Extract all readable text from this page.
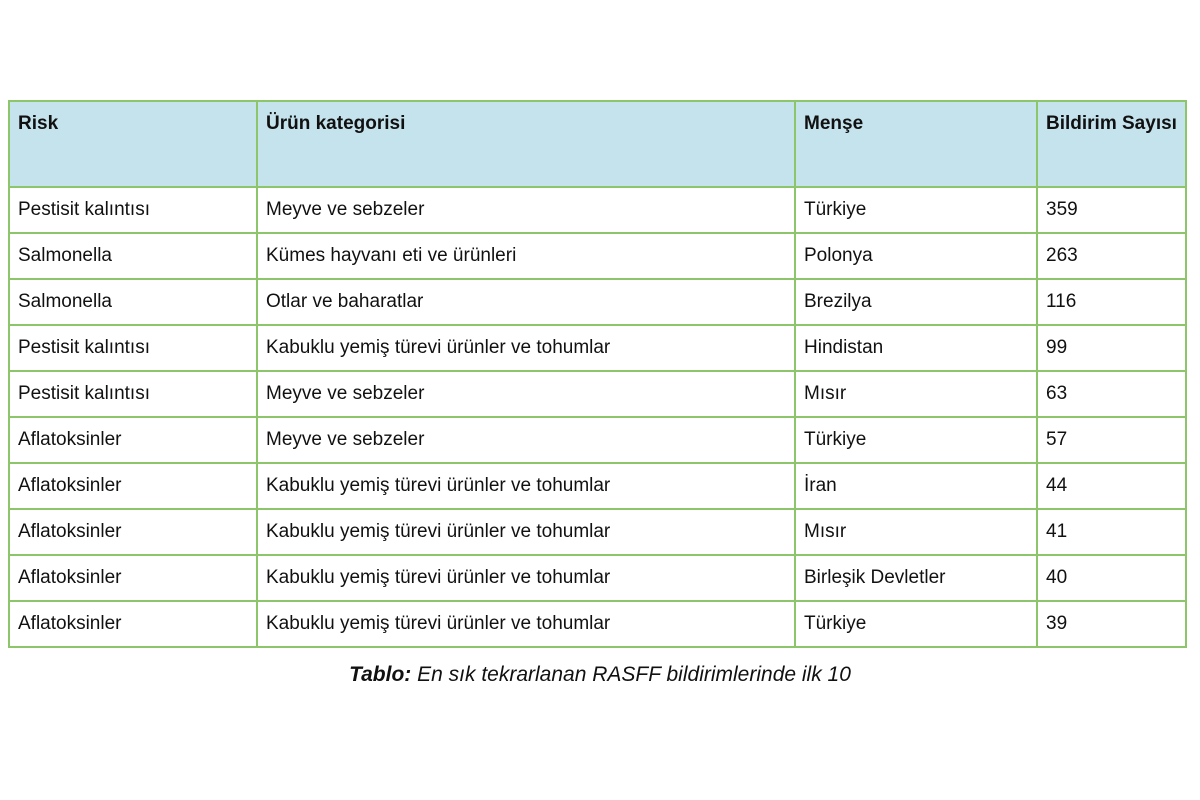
Risk	Ürün kategorisi	Menşe	Bildirim Sayısı
Pestisit kalıntısı	Meyve ve sebzeler	Türkiye	359
Salmonella	Kümes hayvanı eti ve ürünleri	Polonya	263
Salmonella	Otlar ve baharatlar	Brezilya	116
Pestisit kalıntısı	Kabuklu yemiş türevi ürünler ve tohumlar	Hindistan	99
Pestisit kalıntısı	Meyve ve sebzeler	Mısır	63
Aflatoksinler	Meyve ve sebzeler	Türkiye	57
Aflatoksinler	Kabuklu yemiş türevi ürünler ve tohumlar	İran	44
Aflatoksinler	Kabuklu yemiş türevi ürünler ve tohumlar	Mısır	41
Aflatoksinler	Kabuklu yemiş türevi ürünler ve tohumlar	Birleşik Devletler	40
Aflatoksinler	Kabuklu yemiş türevi ürünler ve tohumlar	Türkiye	39
Tablo: En sık tekrarlanan RASFF bildirimlerinde ilk 10
